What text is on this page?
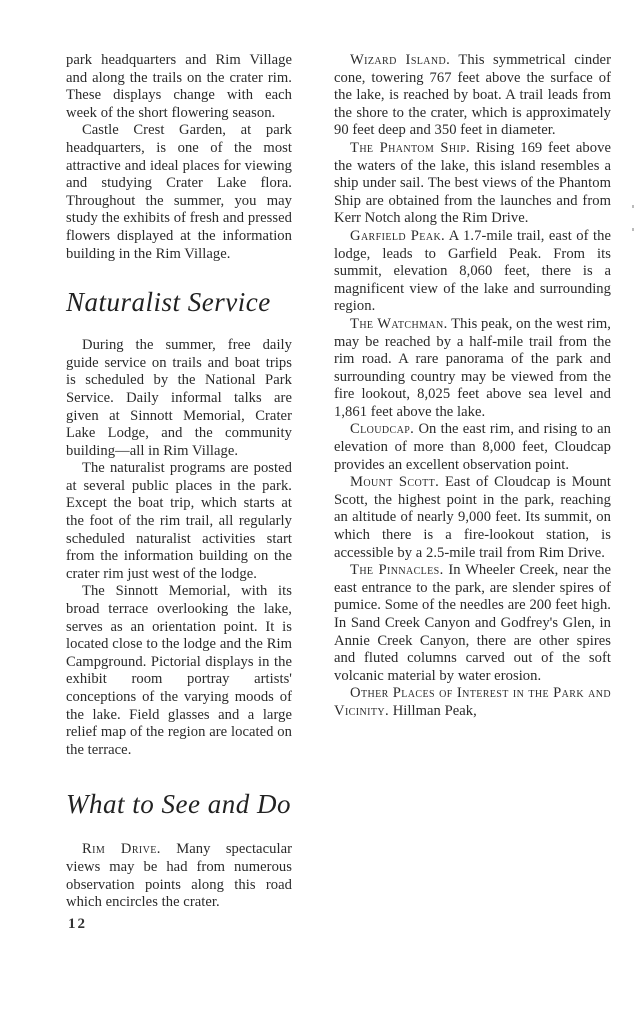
park headquarters and Rim Village and along the trails on the crater rim. These displays change with each week of the short flowering season.

Castle Crest Garden, at park headquarters, is one of the most attractive and ideal places for viewing and studying Crater Lake flora. Throughout the summer, you may study the exhibits of fresh and pressed flowers displayed at the information building in the Rim Village.

Naturalist Service

During the summer, free daily guide service on trails and boat trips is scheduled by the National Park Service. Daily informal talks are given at Sinnott Memorial, Crater Lake Lodge, and the community building—all in Rim Village.

The naturalist programs are posted at several public places in the park. Except the boat trip, which starts at the foot of the rim trail, all regularly scheduled naturalist activities start from the information building on the crater rim just west of the lodge.

The Sinnott Memorial, with its broad terrace overlooking the lake, serves as an orientation point. It is located close to the lodge and the Rim Campground. Pictorial displays in the exhibit room portray artists' conceptions of the varying moods of the lake. Field glasses and a large relief map of the region are located on the terrace.

What to See and Do

Rim Drive. Many spectacular views may be had from numerous observation points along this road which encircles the crater.

Wizard Island. This symmetrical cinder cone, towering 767 feet above the surface of the lake, is reached by boat. A trail leads from the shore to the crater, which is approximately 90 feet deep and 350 feet in diameter.

The Phantom Ship. Rising 169 feet above the waters of the lake, this island resembles a ship under sail. The best views of the Phantom Ship are obtained from the launches and from Kerr Notch along the Rim Drive.

Garfield Peak. A 1.7-mile trail, east of the lodge, leads to Garfield Peak. From its summit, elevation 8,060 feet, there is a magnificent view of the lake and surrounding region.

The Watchman. This peak, on the west rim, may be reached by a half-mile trail from the rim road. A rare panorama of the park and surrounding country may be viewed from the fire lookout, 8,025 feet above sea level and 1,861 feet above the lake.

Cloudcap. On the east rim, and rising to an elevation of more than 8,000 feet, Cloudcap provides an excellent observation point.

Mount Scott. East of Cloudcap is Mount Scott, the highest point in the park, reaching an altitude of nearly 9,000 feet. Its summit, on which there is a fire-lookout station, is accessible by a 2.5-mile trail from Rim Drive.

The Pinnacles. In Wheeler Creek, near the east entrance to the park, are slender spires of pumice. Some of the needles are 200 feet high. In Sand Creek Canyon and Godfrey's Glen, in Annie Creek Canyon, there are other spires and fluted columns carved out of the soft volcanic material by water erosion.

Other Places of Interest in the Park and Vicinity. Hillman Peak,

12
